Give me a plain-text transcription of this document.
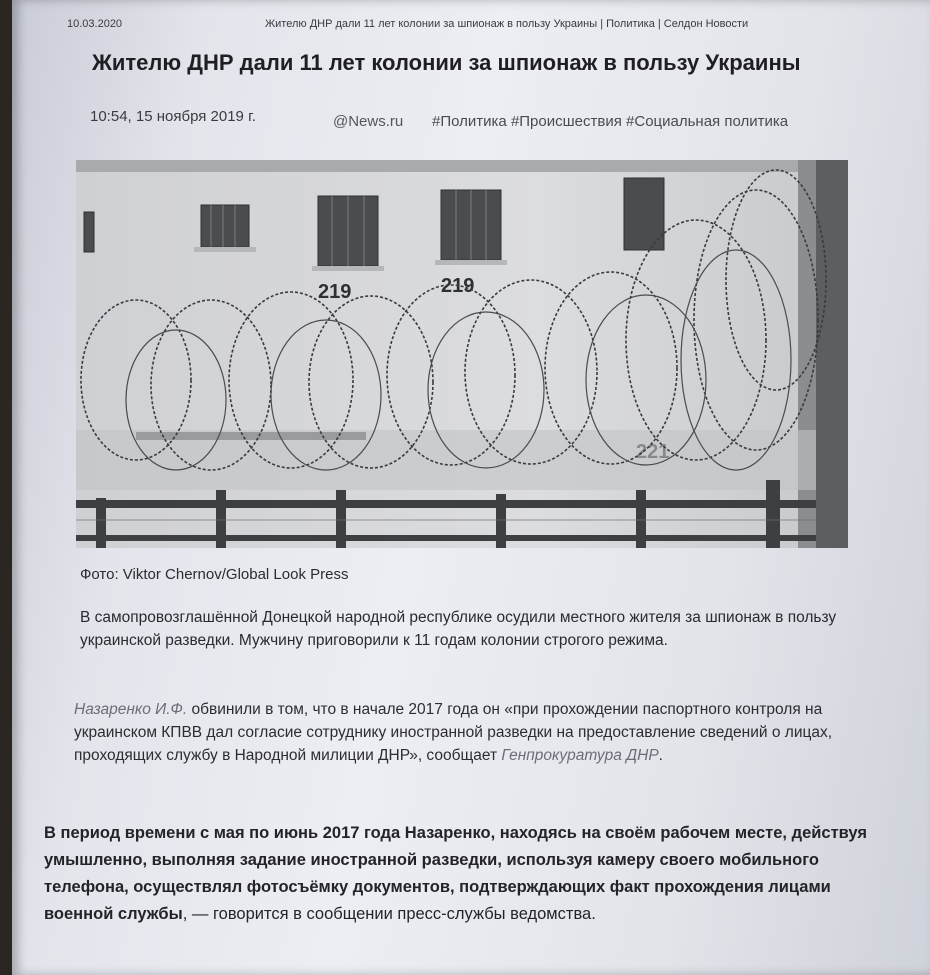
10.03.2020	Жителю ДНР дали 11 лет колонии за шпионаж в пользу Украины | Политика | Селдон Новости
Жителю ДНР дали 11 лет колонии за шпионаж в пользу Украины
10:54, 15 ноября 2019 г.	@News.ru #Политика #Происшествия #Социальная политика
219	219
Фото: Viktor Chernov/Global Look Press
В самопровозглашённой Донецкой народной республике осудили местного жителя за шпионаж в пользу украинской разведки. Мужчину приговорили к 11 годам колонии строгого режима.
Назаренко И.Ф. обвинили в том, что в начале 2017 года он «при прохождении паспортного контроля на украинском КПВВ дал согласие сотруднику иностранной разведки на предоставление сведений о лицах, проходящих службу в Народной милиции ДНР», сообщает Генпрокуратура ДНР.
В период времени с мая по июнь 2017 года Назаренко, находясь на своём рабочем месте, действуя умышленно, выполняя задание иностранной разведки, используя камеру своего мобильного телефона, осуществлял фотосъёмку документов, подтверждающих факт прохождения лицами военной службы, — говорится в сообщении пресс-службы ведомства.
